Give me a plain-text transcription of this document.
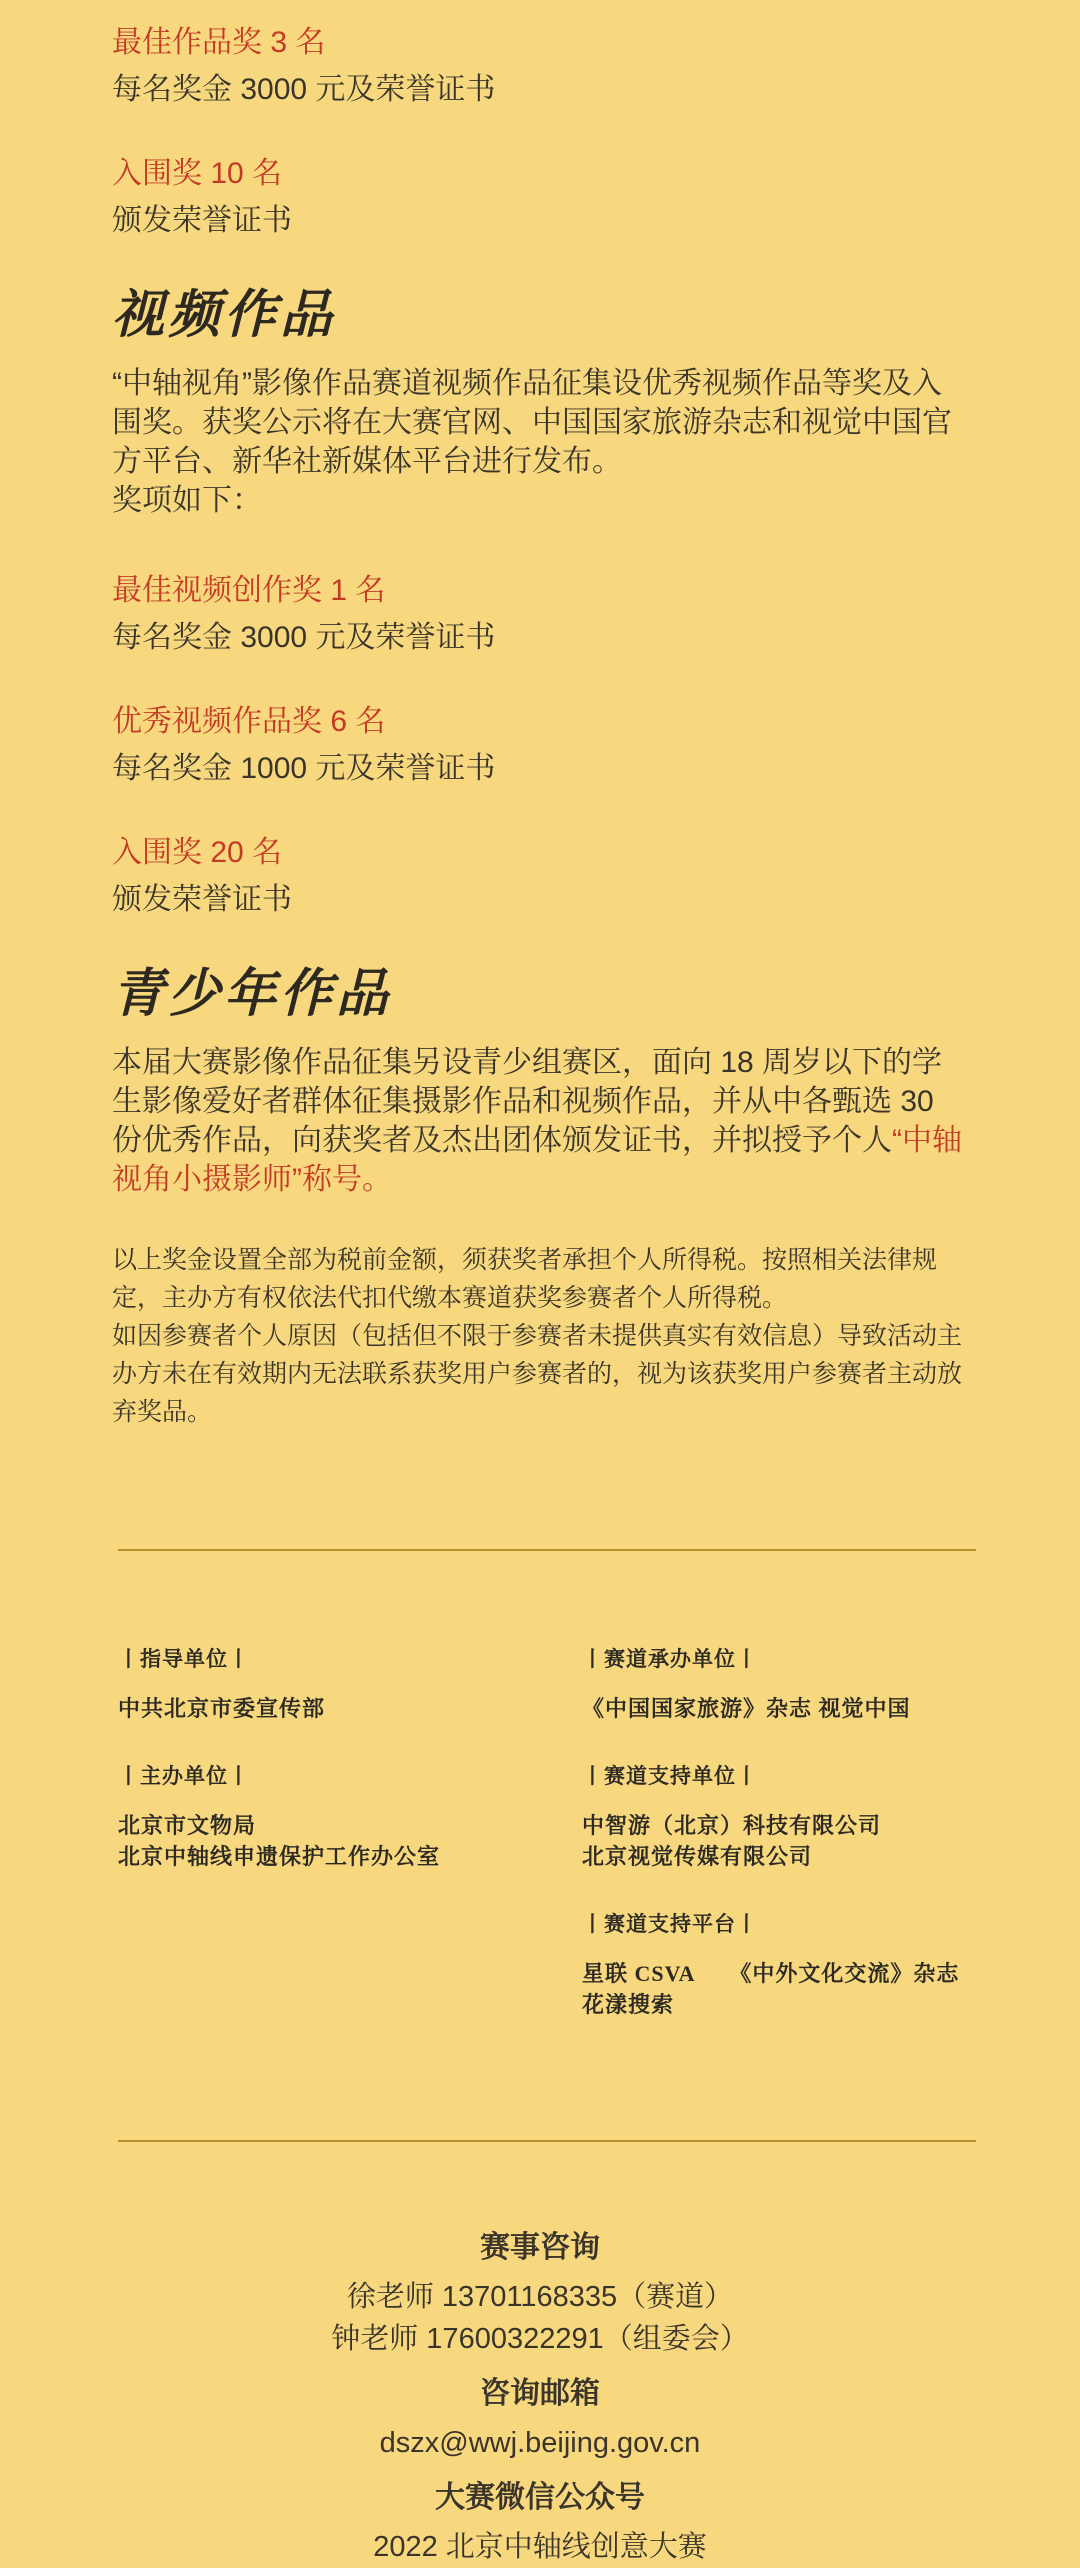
最佳作品奖 3 名
每名奖金 3000 元及荣誉证书
入围奖 10 名
颁发荣誉证书
视频作品

“中轴视角”影像作品赛道视频作品征集设优秀视频作品等奖及入围奖。获奖公示将在大赛官网、中国国家旅游杂志和视觉中国官方平台、新华社新媒体平台进行发布。

奖项如下：
最佳视频创作奖 1 名
每名奖金 3000 元及荣誉证书
优秀视频作品奖 6 名
每名奖金 1000 元及荣誉证书
入围奖 20 名
颁发荣誉证书
青少年作品

本届大赛影像作品征集另设青少组赛区，面向 18 周岁以下的学生影像爱好者群体征集摄影作品和视频作品，并从中各甄选 30 份优秀作品，向获奖者及杰出团体颁发证书，并拟授予个人“中轴视角小摄影师”称号。

以上奖金设置全部为税前金额，须获奖者承担个人所得税。按照相关法律规定，主办方有权依法代扣代缴本赛道获奖参赛者个人所得税。

如因参赛者个人原因（包括但不限于参赛者未提供真实有效信息）导致活动主办方未在有效期内无法联系获奖用户参赛者的，视为该获奖用户参赛者主动放弃奖品。

丨指导单位丨
中共北京市委宣传部
丨主办单位丨
北京市文物局
北京中轴线申遗保护工作办公室
丨赛道承办单位丨
《中国国家旅游》杂志 视觉中国
丨赛道支持单位丨
中智游（北京）科技有限公司
北京视觉传媒有限公司
丨赛道支持平台丨
星联 CSVA　　《中外文化交流》杂志
花漾搜索
赛事咨询
徐老师 13701168335（赛道）
钟老师 17600322291（组委会）
咨询邮箱
dszx@wwj.beijing.gov.cn
大赛微信公众号
2022 北京中轴线创意大赛
